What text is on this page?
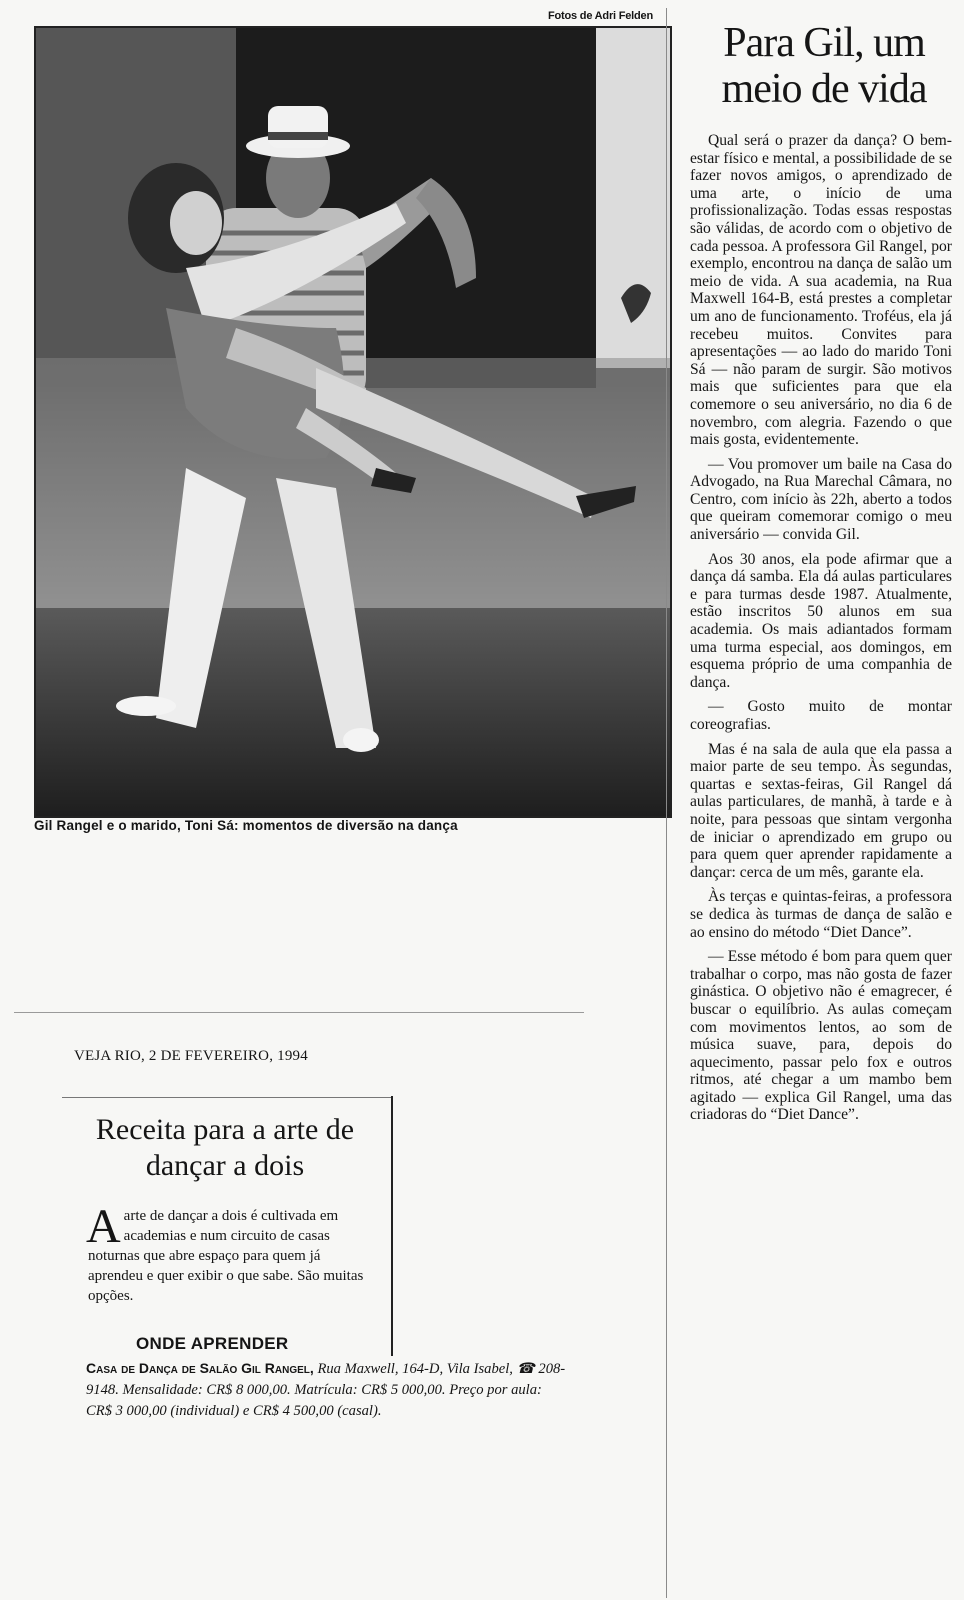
Fotos de Adri Felden
Gil Rangel e o marido, Toni Sá: momentos de diversão na dança
Para Gil, um meio de vida

Qual será o prazer da dança? O bem-estar físico e mental, a possibilidade de se fazer novos amigos, o aprendizado de uma arte, o início de uma profissionalização. Todas essas respostas são válidas, de acordo com o objetivo de cada pessoa. A professora Gil Rangel, por exemplo, encontrou na dança de salão um meio de vida. A sua academia, na Rua Maxwell 164-B, está prestes a completar um ano de funcionamento. Troféus, ela já recebeu muitos. Convites para apresentações — ao lado do marido Toni Sá — não param de surgir. São motivos mais que suficientes para que ela comemore o seu aniversário, no dia 6 de novembro, com alegria. Fazendo o que mais gosta, evidentemente.

— Vou promover um baile na Casa do Advogado, na Rua Marechal Câmara, no Centro, com início às 22h, aberto a todos que queiram comemorar comigo o meu aniversário — convida Gil.

Aos 30 anos, ela pode afirmar que a dança dá samba. Ela dá aulas particulares e para turmas desde 1987. Atualmente, estão inscritos 50 alunos em sua academia. Os mais adiantados formam uma turma especial, aos domingos, em esquema próprio de uma companhia de dança.

— Gosto muito de montar coreografias.

Mas é na sala de aula que ela passa a maior parte de seu tempo. Às segundas, quartas e sextas-feiras, Gil Rangel dá aulas particulares, de manhã, à tarde e à noite, para pessoas que sintam vergonha de iniciar o aprendizado em grupo ou para quem quer aprender rapidamente a dançar: cerca de um mês, garante ela.

Às terças e quintas-feiras, a professora se dedica às turmas de dança de salão e ao ensino do método “Diet Dance”.

— Esse método é bom para quem quer trabalhar o corpo, mas não gosta de fazer ginástica. O objetivo não é emagrecer, é buscar o equilíbrio. As aulas começam com movimentos lentos, ao som de música suave, para, depois do aquecimento, passar pelo fox e outros ritmos, até chegar a um mambo bem agitado — explica Gil Rangel, uma das criadoras do “Diet Dance”.

VEJA RIO, 2 DE FEVEREIRO, 1994
Receita para a arte de dançar a dois

Aarte de dançar a dois é cultivada em academias e num circuito de casas noturnas que abre espaço para quem já aprendeu e quer exibir o que sabe. São muitas opções.

ONDE APRENDER
Casa de Dança de Salão Gil Rangel, Rua Maxwell, 164-D, Vila Isabel, ☎ 208-9148. Mensalidade: CR$ 8 000,00. Matrícula: CR$ 5 000,00. Preço por aula: CR$ 3 000,00 (individual) e CR$ 4 500,00 (casal).
